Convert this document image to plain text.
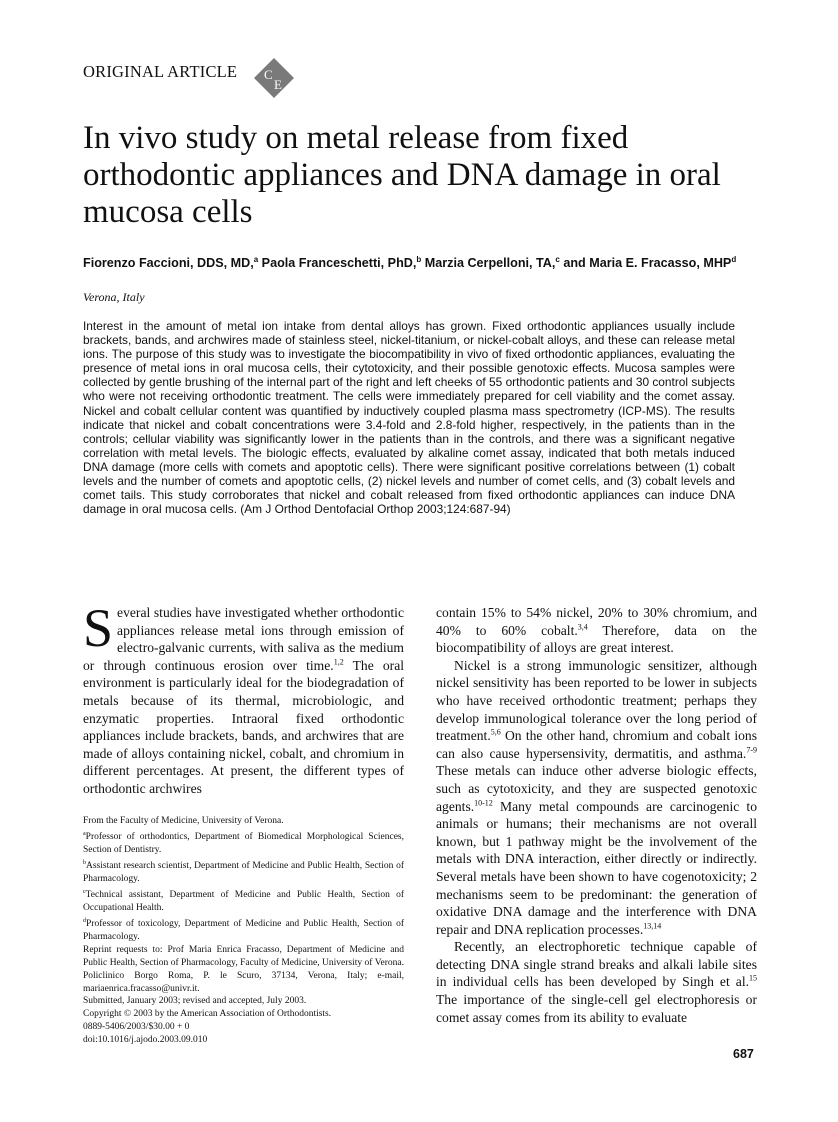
ORIGINAL ARTICLE C
E
In vivo study on metal release from fixed orthodontic appliances and DNA damage in oral mucosa cells
Fiorenzo Faccioni, DDS, MD,$^a$ Paola Franceschetti, PhD,$^b$ Marzia Cerpelloni, TA,$^c$ and Maria E. Fracasso, MHP$^d$
Verona, Italy

Interest in the amount of metal ion intake from dental alloys has grown. Fixed orthodontic appliances usually include brackets, bands, and archwires made of stainless steel, nickel-titanium, or nickel-cobalt alloys, and these can release metal ions. The purpose of this study was to investigate the biocompatibility in vivo of fixed orthodontic appliances, evaluating the presence of metal ions in oral mucosa cells, their cytotoxicity, and their possible genotoxic effects. Mucosa samples were collected by gentle brushing of the internal part of the right and left cheeks of 55 orthodontic patients and 30 control subjects who were not receiving orthodontic treatment. The cells were immediately prepared for cell viability and the comet assay. Nickel and cobalt cellular content was quantified by inductively coupled plasma mass spectrometry (ICP-MS). The results indicate that nickel and cobalt concentrations were 3.4-fold and 2.8-fold higher, respectively, in the patients than in the controls; cellular viability was significantly lower in the patients than in the controls, and there was a significant negative correlation with metal levels. The biologic effects, evaluated by alkaline comet assay, indicated that both metals induced DNA damage (more cells with comets and apoptotic cells). There were significant positive correlations between (1) cobalt levels and the number of comets and apoptotic cells, (2) nickel levels and number of comet cells, and (3) cobalt levels and comet tails. This study corroborates that nickel and cobalt released from fixed orthodontic appliances can induce DNA damage in oral mucosa cells. (Am J Orthod Dentofacial Orthop 2003;124:687-94)

Several studies have investigated whether orthodontic appliances release metal ions through emission of electro-galvanic currents, with saliva as the medium or through continuous erosion over time.$^{1,2}$ The oral environment is particularly ideal for the biodegradation of metals because of its thermal, microbiologic, and enzymatic properties. Intraoral fixed orthodontic appliances include brackets, bands, and archwires that are made of alloys containing nickel, cobalt, and chromium in different percentages. At present, the different types of orthodontic archwires

From the Faculty of Medicine, University of Verona.
$^a$Professor of orthodontics, Department of Biomedical Morphological Sciences, Section of Dentistry.
$^b$Assistant research scientist, Department of Medicine and Public Health, Section of Pharmacology.
$^c$Technical assistant, Department of Medicine and Public Health, Section of Occupational Health.
$^d$Professor of toxicology, Department of Medicine and Public Health, Section of Pharmacology.
Reprint requests to: Prof Maria Enrica Fracasso, Department of Medicine and Public Health, Section of Pharmacology, Faculty of Medicine, University of Verona. Policlinico Borgo Roma, P. le Scuro, 37134, Verona, Italy; e-mail, mariaenrica.fracasso@univr.it.
Submitted, January 2003; revised and accepted, July 2003.
Copyright © 2003 by the American Association of Orthodontists.
0889-5406/2003/$30.00 + 0
doi:10.1016/j.ajodo.2003.09.010

contain 15% to 54% nickel, 20% to 30% chromium, and 40% to 60% cobalt.$^{3,4}$ Therefore, data on the biocompatibility of alloys are great interest.

Nickel is a strong immunologic sensitizer, although nickel sensitivity has been reported to be lower in subjects who have received orthodontic treatment; perhaps they develop immunological tolerance over the long period of treatment.$^{5,6}$ On the other hand, chromium and cobalt ions can also cause hypersensivity, dermatitis, and asthma.$^{7-9}$ These metals can induce other adverse biologic effects, such as cytotoxicity, and they are suspected genotoxic agents.$^{10-12}$ Many metal compounds are carcinogenic to animals or humans; their mechanisms are not overall known, but 1 pathway might be the involvement of the metals with DNA interaction, either directly or indirectly. Several metals have been shown to have cogenotoxicity; 2 mechanisms seem to be predominant: the generation of oxidative DNA damage and the interference with DNA repair and DNA replication processes.$^{13,14}$

Recently, an electrophoretic technique capable of detecting DNA single strand breaks and alkali labile sites in individual cells has been developed by Singh et al.$^{15}$ The importance of the single-cell gel electrophoresis or comet assay comes from its ability to evaluate

687
